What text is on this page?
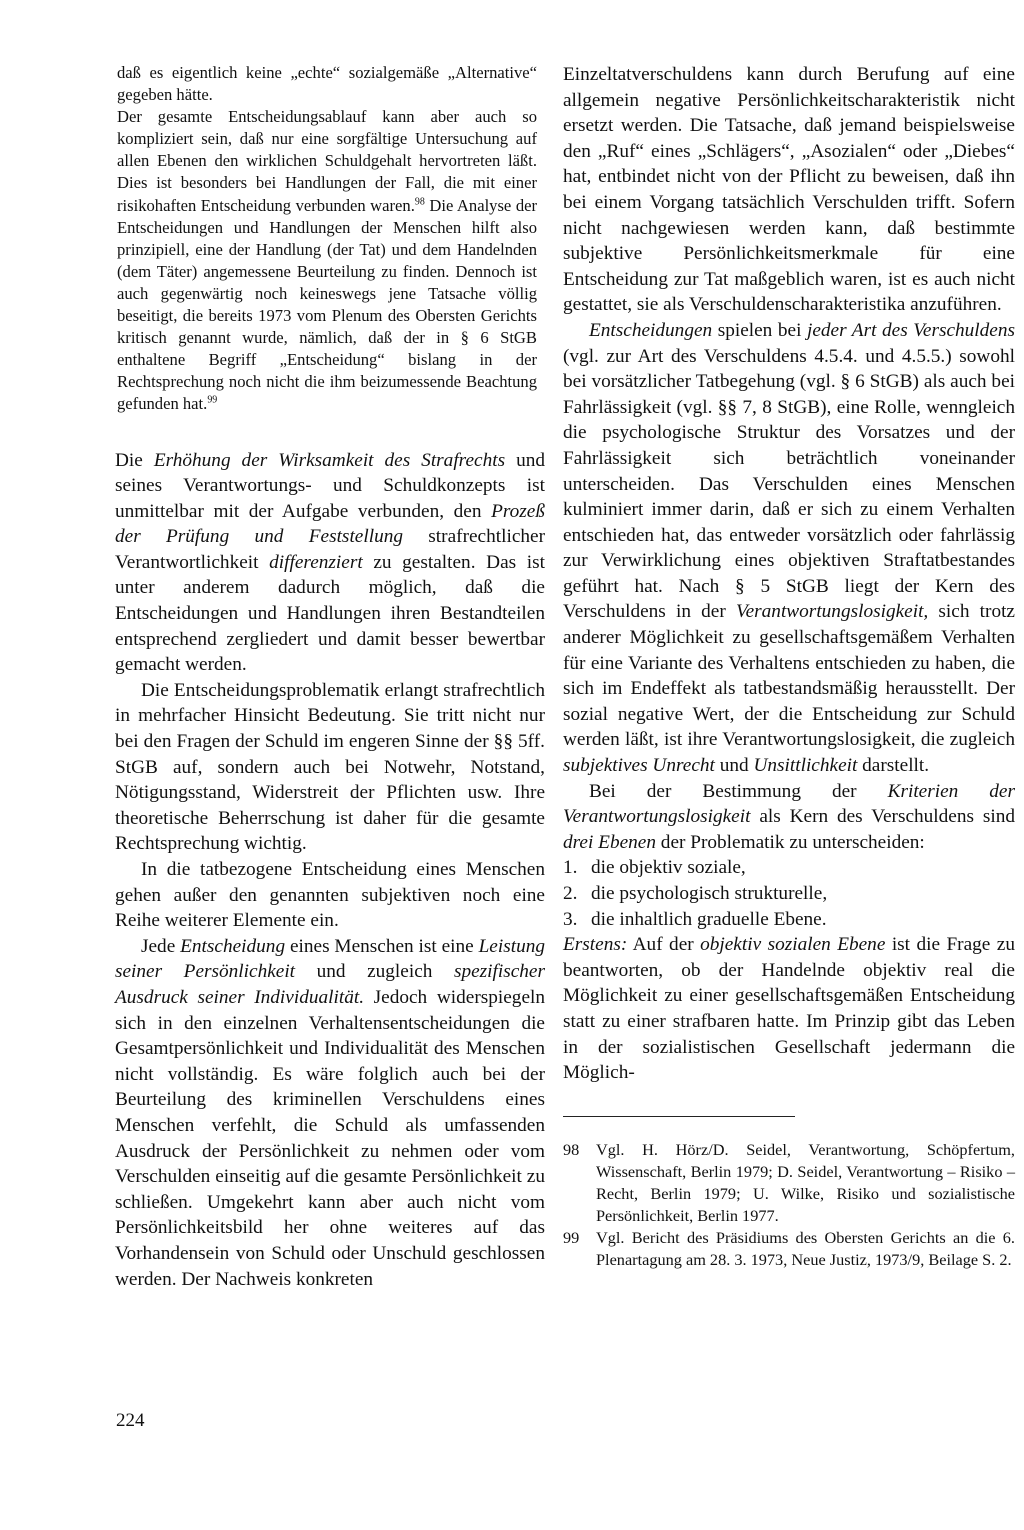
daß es eigentlich keine „echte“ sozialgemäße „Alternative“ gegeben hätte.

Der gesamte Entscheidungsablauf kann aber auch so kompliziert sein, daß nur eine sorgfältige Untersuchung auf allen Ebenen den wirklichen Schuldgehalt hervortreten läßt. Dies ist besonders bei Handlungen der Fall, die mit einer risikohaften Entscheidung verbunden waren.$^{98}$ Die Analyse der Entscheidungen und Handlungen der Menschen hilft also prinzipiell, eine der Handlung (der Tat) und dem Handelnden (dem Täter) angemessene Beurteilung zu finden. Dennoch ist auch gegenwärtig noch keineswegs jene Tatsache völlig beseitigt, die bereits 1973 vom Plenum des Obersten Gerichts kritisch genannt wurde, nämlich, daß der in § 6 StGB enthaltene Begriff „Entscheidung“ bislang in der Rechtsprechung noch nicht die ihm beizumessende Beachtung gefunden hat.$^{99}$

Die Erhöhung der Wirksamkeit des Strafrechts und seines Verantwortungs- und Schuldkonzepts ist unmittelbar mit der Aufgabe verbunden, den Prozeß der Prüfung und Feststellung strafrechtlicher Verantwortlichkeit differenziert zu gestalten. Das ist unter anderem dadurch möglich, daß die Entscheidungen und Handlungen ihren Bestandteilen entsprechend zergliedert und damit besser bewertbar gemacht werden.

Die Entscheidungsproblematik erlangt strafrechtlich in mehrfacher Hinsicht Bedeutung. Sie tritt nicht nur bei den Fragen der Schuld im engeren Sinne der §§ 5ff. StGB auf, sondern auch bei Notwehr, Notstand, Nötigungsstand, Widerstreit der Pflichten usw. Ihre theoretische Beherrschung ist daher für die gesamte Rechtsprechung wichtig.

In die tatbezogene Entscheidung eines Menschen gehen außer den genannten subjektiven noch eine Reihe weiterer Elemente ein.

Jede Entscheidung eines Menschen ist eine Leistung seiner Persönlichkeit und zugleich spezifischer Ausdruck seiner Individualität. Jedoch widerspiegeln sich in den einzelnen Verhaltensentscheidungen die Gesamtpersönlichkeit und Individualität des Menschen nicht vollständig. Es wäre folglich auch bei der Beurteilung des kriminellen Verschuldens eines Menschen verfehlt, die Schuld als umfassenden Ausdruck der Persönlichkeit zu nehmen oder vom Verschulden einseitig auf die gesamte Persönlichkeit zu schließen. Umgekehrt kann aber auch nicht vom Persönlichkeitsbild her ohne weiteres auf das Vorhandensein von Schuld oder Unschuld geschlossen werden. Der Nachweis konkreten

Einzeltatverschuldens kann durch Berufung auf eine allgemein negative Persönlichkeitscharakteristik nicht ersetzt werden. Die Tatsache, daß jemand beispielsweise den „Ruf“ eines „Schlägers“, „Asozialen“ oder „Diebes“ hat, entbindet nicht von der Pflicht zu beweisen, daß ihn bei einem Vorgang tatsächlich Verschulden trifft. Sofern nicht nachgewiesen werden kann, daß bestimmte subjektive Persönlichkeitsmerkmale für eine Entscheidung zur Tat maßgeblich waren, ist es auch nicht gestattet, sie als Verschuldenscharakteristika anzuführen.

Entscheidungen spielen bei jeder Art des Verschuldens (vgl. zur Art des Verschuldens 4.5.4. und 4.5.5.) sowohl bei vorsätzlicher Tatbegehung (vgl. § 6 StGB) als auch bei Fahrlässigkeit (vgl. §§ 7, 8 StGB), eine Rolle, wenngleich die psychologische Struktur des Vorsatzes und der Fahrlässigkeit sich beträchtlich voneinander unterscheiden. Das Verschulden eines Menschen kulminiert immer darin, daß er sich zu einem Verhalten entschieden hat, das entweder vorsätzlich oder fahrlässig zur Verwirklichung eines objektiven Straftatbestandes geführt hat. Nach § 5 StGB liegt der Kern des Verschuldens in der Verantwortungslosigkeit, sich trotz anderer Möglichkeit zu gesellschaftsgemäßem Verhalten für eine Variante des Verhaltens entschieden zu haben, die sich im Endeffekt als tatbestandsmäßig herausstellt. Der sozial negative Wert, der die Entscheidung zur Schuld werden läßt, ist ihre Verantwortungslosigkeit, die zugleich subjektives Unrecht und Unsittlichkeit darstellt.

Bei der Bestimmung der Kriterien der Verantwortungslosigkeit als Kern des Verschuldens sind drei Ebenen der Problematik zu unterscheiden:

1. die objektiv soziale,
2. die psychologisch strukturelle,
3. die inhaltlich graduelle Ebene.

Erstens: Auf der objektiv sozialen Ebene ist die Frage zu beantworten, ob der Handelnde objektiv real die Möglichkeit zu einer gesellschaftsgemäßen Entscheidung statt zu einer strafbaren hatte. Im Prinzip gibt das Leben in der sozialistischen Gesellschaft jedermann die Möglich-

98	Vgl. H. Hörz/D. Seidel, Verantwortung, Schöpfertum, Wissenschaft, Berlin 1979; D. Seidel, Verantwortung – Risiko – Recht, Berlin 1979; U. Wilke, Risiko und sozialistische Persönlichkeit, Berlin 1977.
99	Vgl. Bericht des Präsidiums des Obersten Gerichts an die 6. Plenartagung am 28. 3. 1973, Neue Justiz, 1973/9, Beilage S. 2.
224
